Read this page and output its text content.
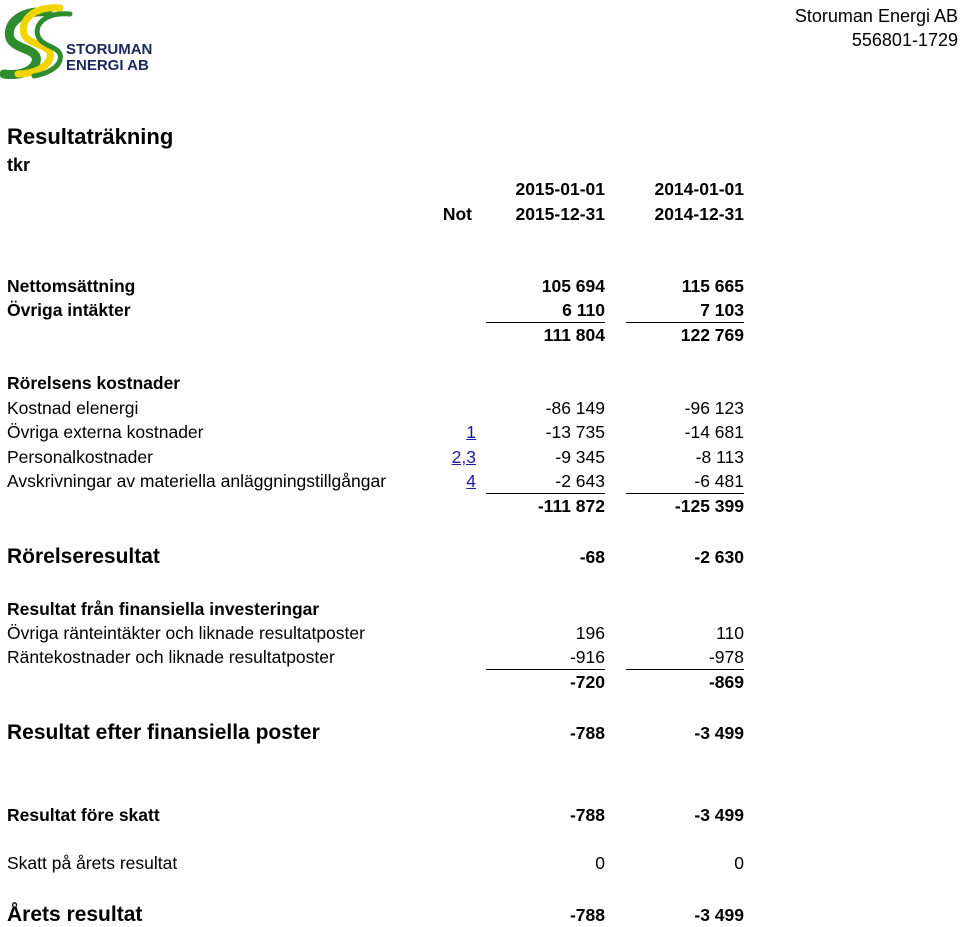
STORUMAN
ENERGI AB
Storuman Energi AB
556801-1729
Resultaträkning
tkr
2015-01-01	2014-01-01
Not	2015-12-31	2014-12-31
Nettomsättning	105 694	115 665
Övriga intäkter	6 110	7 103
111 804	122 769
Rörelsens kostnader
Kostnad elenergi	-86 149	-96 123
Övriga externa kostnader	1	-13 735	-14 681
Personalkostnader	2,3	-9 345	-8 113
Avskrivningar av materiella anläggningstillgångar	4	-2 643	-6 481
-111 872	-125 399
Rörelseresultat	-68	-2 630
Resultat från finansiella investeringar
Övriga ränteintäkter och liknade resultatposter	196	110
Räntekostnader och liknade resultatposter	-916	-978
-720	-869
Resultat efter finansiella poster	-788	-3 499
Resultat före skatt	-788	-3 499
Skatt på årets resultat	0	0
Årets resultat	-788	-3 499
